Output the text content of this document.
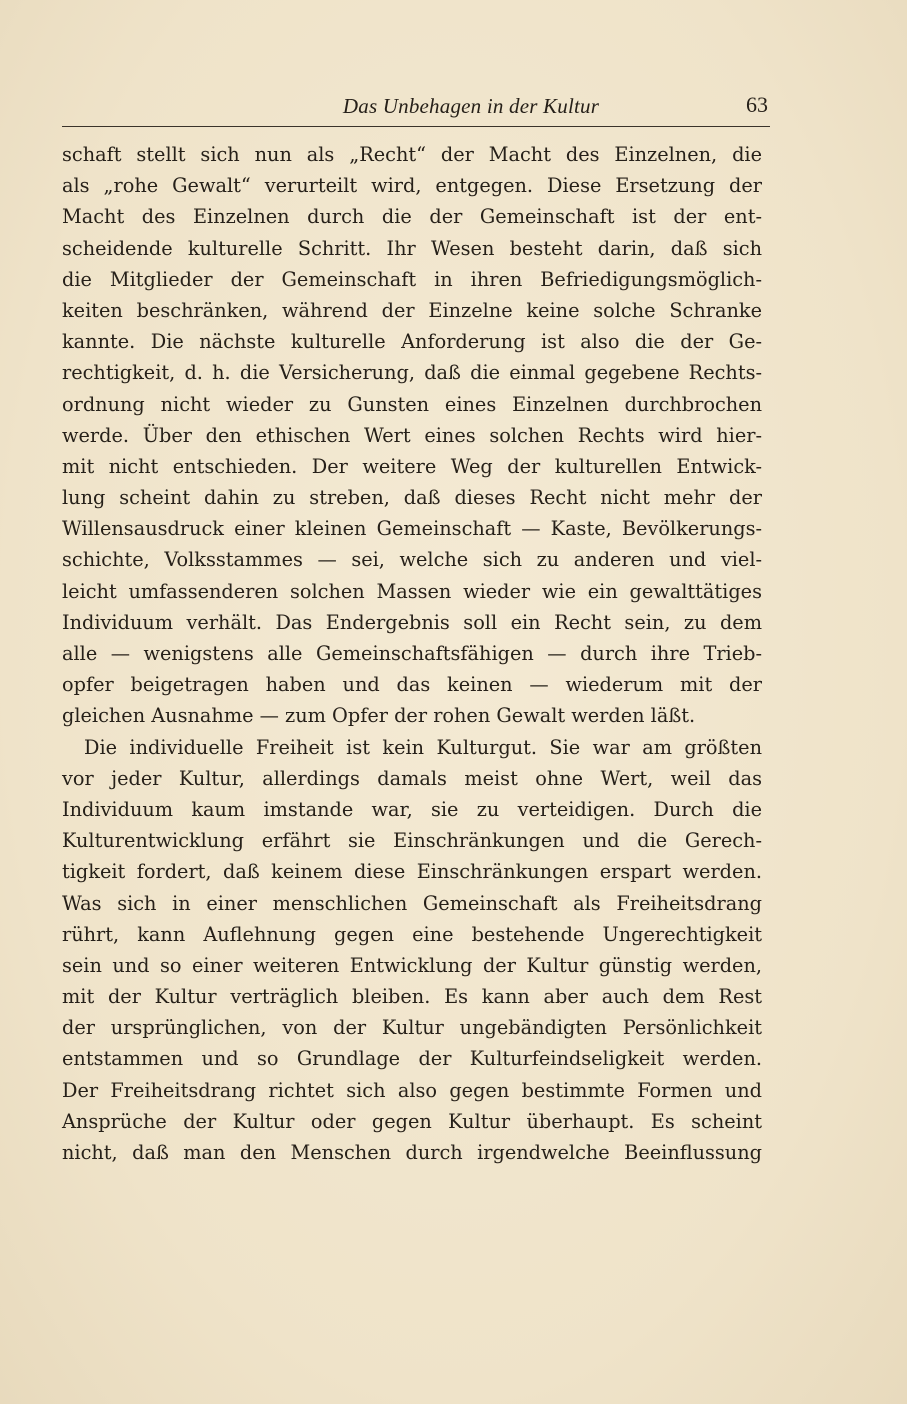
Das Unbehagen in der Kultur	63
schaft stellt sich nun als „Recht“ der Macht des Einzelnen, die
als „rohe Gewalt“ verurteilt wird, entgegen. Diese Ersetzung der
Macht des Einzelnen durch die der Gemeinschaft ist der ent-
scheidende kulturelle Schritt. Ihr Wesen besteht darin, daß sich
die Mitglieder der Gemeinschaft in ihren Befriedigungsmöglich-
keiten beschränken, während der Einzelne keine solche Schranke
kannte. Die nächste kulturelle Anforderung ist also die der Ge-
rechtigkeit, d. h. die Versicherung, daß die einmal gegebene Rechts-
ordnung nicht wieder zu Gunsten eines Einzelnen durchbrochen
werde. Über den ethischen Wert eines solchen Rechts wird hier-
mit nicht entschieden. Der weitere Weg der kulturellen Entwick-
lung scheint dahin zu streben, daß dieses Recht nicht mehr der
Willensausdruck einer kleinen Gemeinschaft — Kaste, Bevölkerungs-
schichte, Volksstammes — sei, welche sich zu anderen und viel-
leicht umfassenderen solchen Massen wieder wie ein gewalttätiges
Individuum verhält. Das Endergebnis soll ein Recht sein, zu dem
alle — wenigstens alle Gemeinschaftsfähigen — durch ihre Trieb-
opfer beigetragen haben und das keinen — wiederum mit der
gleichen Ausnahme — zum Opfer der rohen Gewalt werden läßt.
Die individuelle Freiheit ist kein Kulturgut. Sie war am größten
vor jeder Kultur, allerdings damals meist ohne Wert, weil das
Individuum kaum imstande war, sie zu verteidigen. Durch die
Kulturentwicklung erfährt sie Einschränkungen und die Gerech-
tigkeit fordert, daß keinem diese Einschränkungen erspart werden.
Was sich in einer menschlichen Gemeinschaft als Freiheitsdrang
rührt, kann Auflehnung gegen eine bestehende Ungerechtigkeit
sein und so einer weiteren Entwicklung der Kultur günstig werden,
mit der Kultur verträglich bleiben. Es kann aber auch dem Rest
der ursprünglichen, von der Kultur ungebändigten Persönlichkeit
entstammen und so Grundlage der Kulturfeindseligkeit werden.
Der Freiheitsdrang richtet sich also gegen bestimmte Formen und
Ansprüche der Kultur oder gegen Kultur überhaupt. Es scheint
nicht, daß man den Menschen durch irgendwelche Beeinflussung
